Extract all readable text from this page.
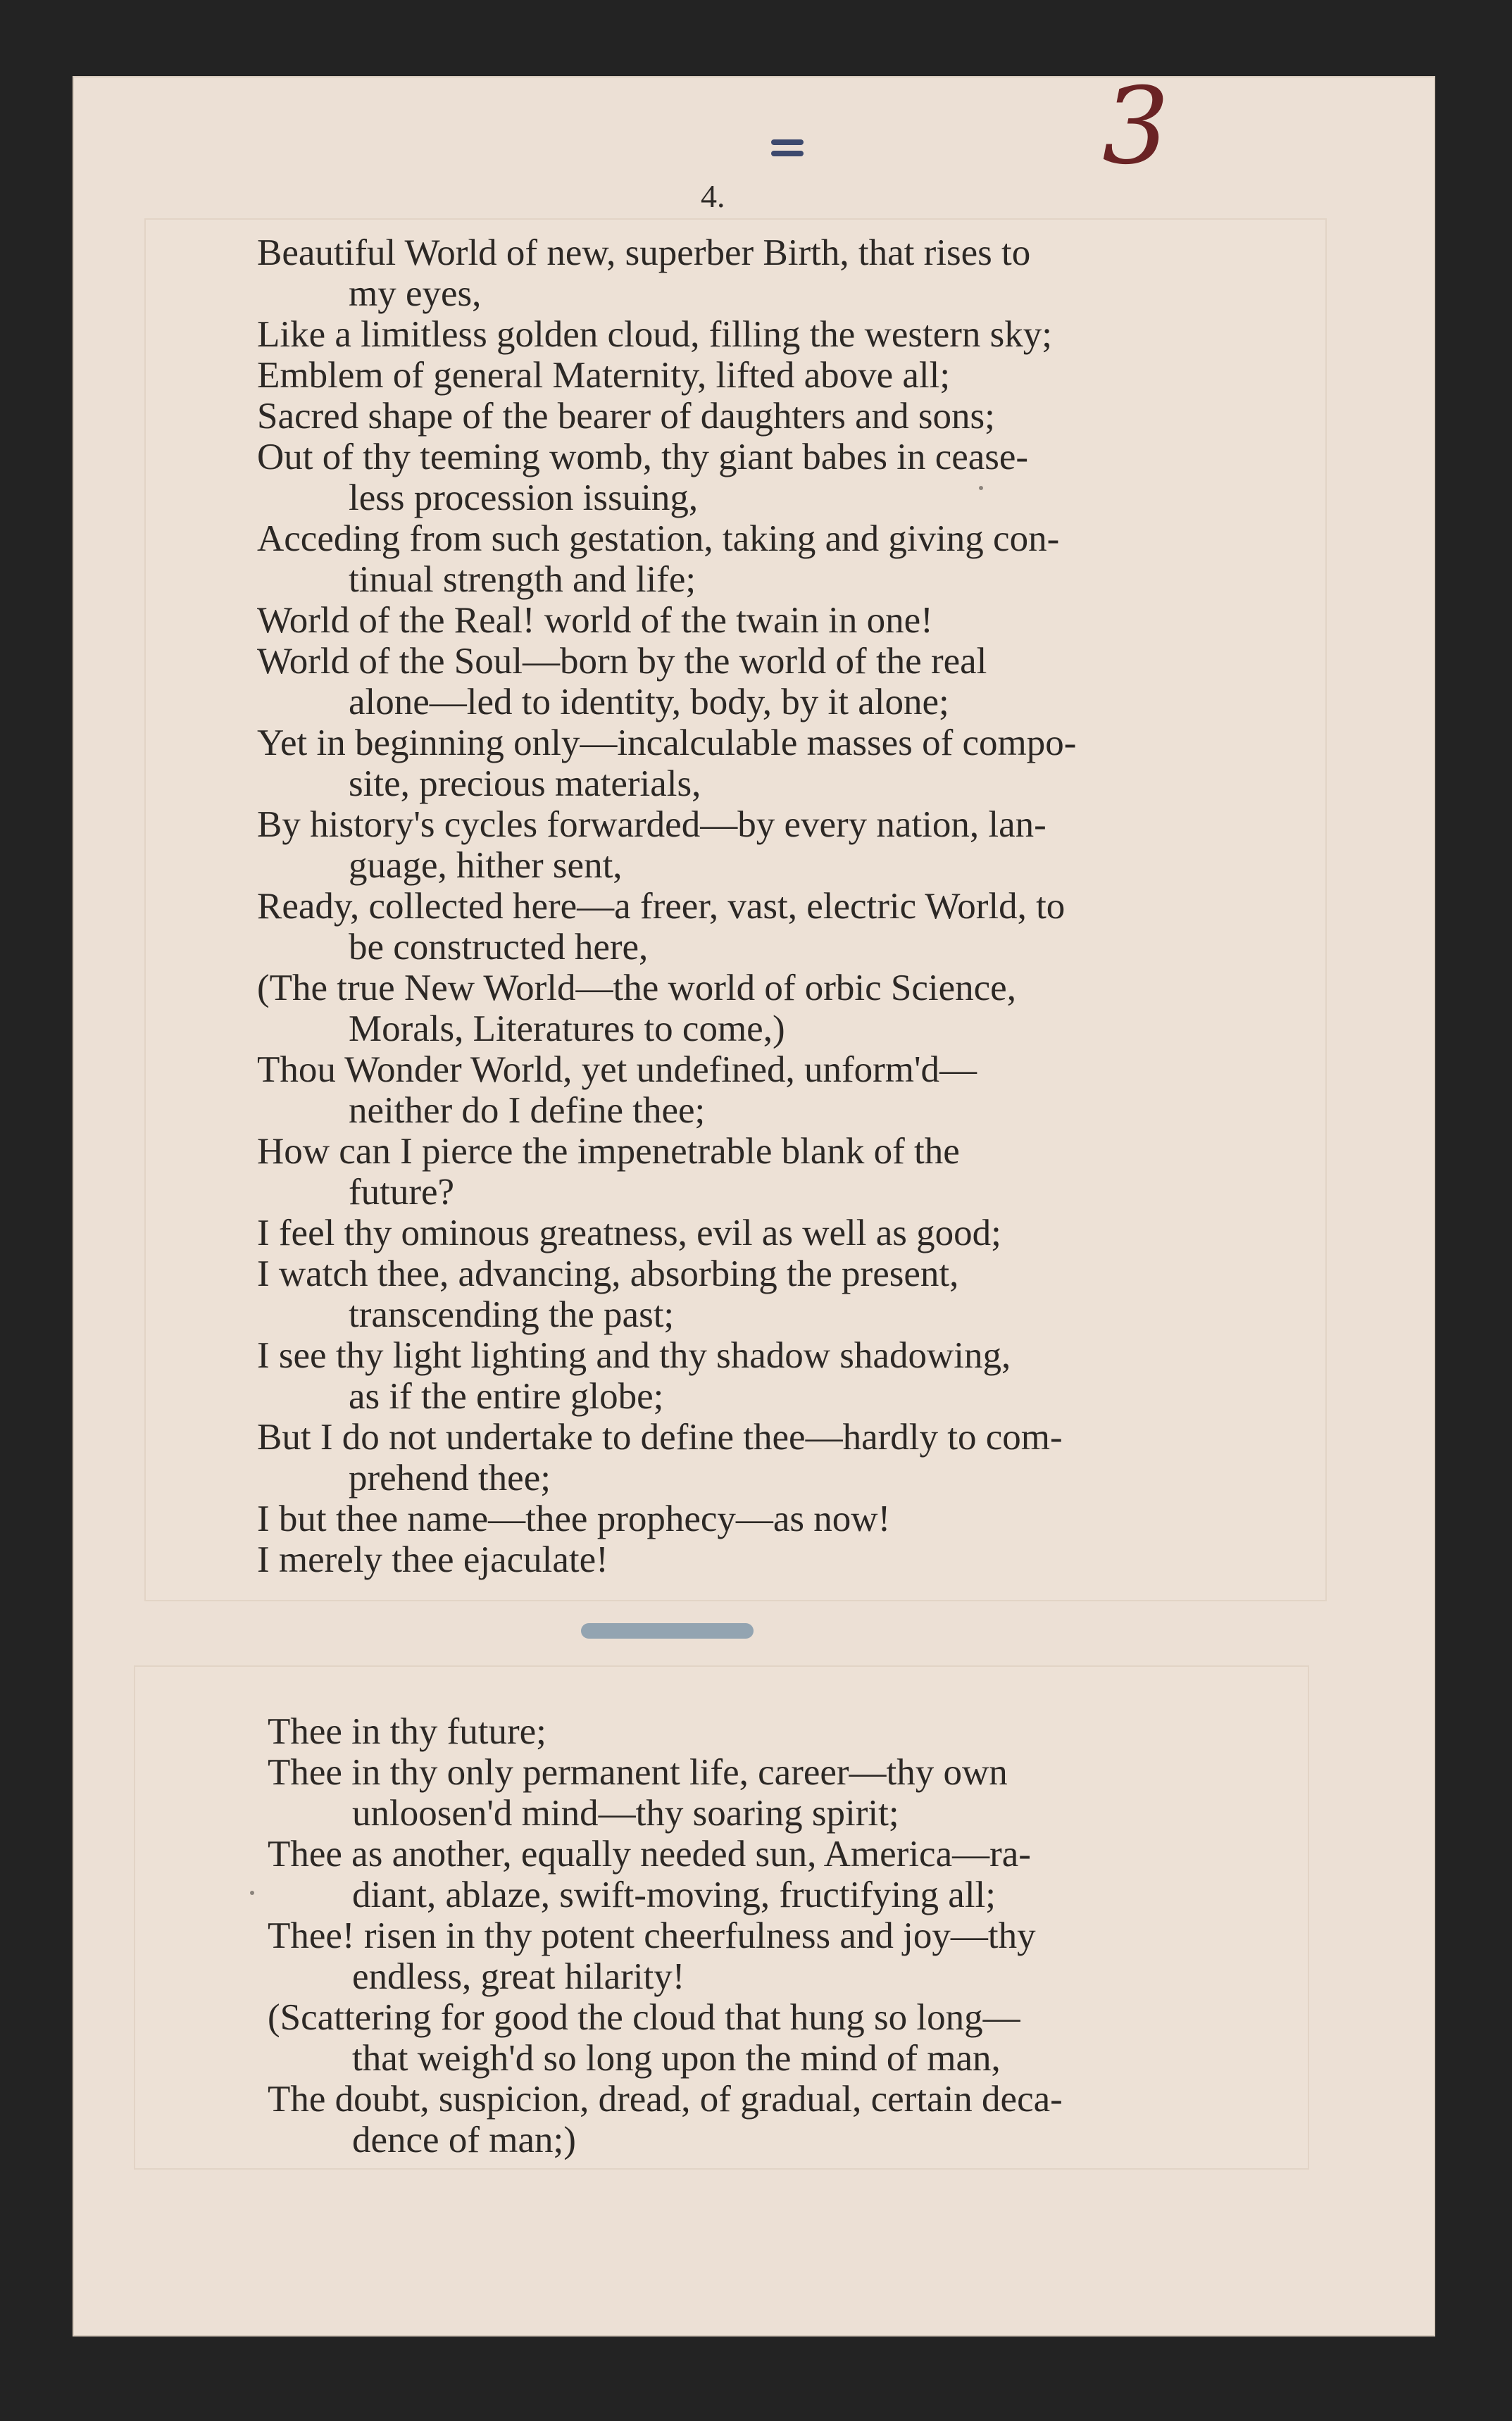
3
4.
Beautiful World of new, superber Birth, that rises to
my eyes,
Like a limitless golden cloud, filling the western sky;
Emblem of general Maternity, lifted above all;
Sacred shape of the bearer of daughters and sons;
Out of thy teeming womb, thy giant babes in cease-
less procession issuing,
Acceding from such gestation, taking and giving con-
tinual strength and life;
World of the Real! world of the twain in one!
World of the Soul—born by the world of the real
alone—led to identity, body, by it alone;
Yet in beginning only—incalculable masses of compo-
site, precious materials,
By history's cycles forwarded—by every nation, lan-
guage, hither sent,
Ready, collected here—a freer, vast, electric World, to
be constructed here,
(The true New World—the world of orbic Science,
Morals, Literatures to come,)
Thou Wonder World, yet undefined, unform'd—
neither do I define thee;
How can I pierce the impenetrable blank of the
future?
I feel thy ominous greatness, evil as well as good;
I watch thee, advancing, absorbing the present,
transcending the past;
I see thy light lighting and thy shadow shadowing,
as if the entire globe;
But I do not undertake to define thee—hardly to com-
prehend thee;
I but thee name—thee prophecy—as now!
I merely thee ejaculate!
Thee in thy future;
Thee in thy only permanent life, career—thy own
unloosen'd mind—thy soaring spirit;
Thee as another, equally needed sun, America—ra-
diant, ablaze, swift-moving, fructifying all;
Thee! risen in thy potent cheerfulness and joy—thy
endless, great hilarity!
(Scattering for good the cloud that hung so long—
that weigh'd so long upon the mind of man,
The doubt, suspicion, dread, of gradual, certain deca-
dence of man;)
